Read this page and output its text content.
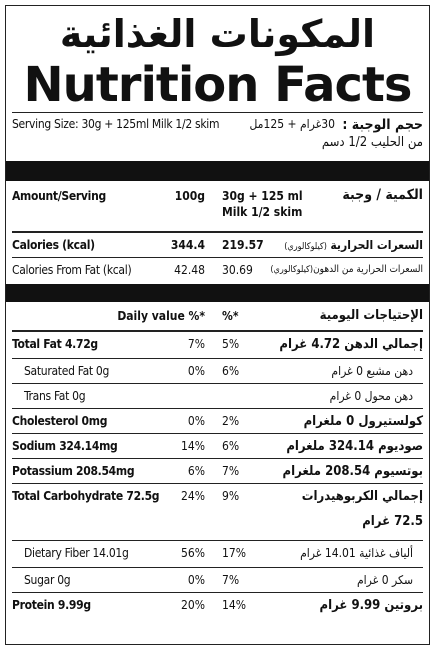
المكونات الغذائية
Nutrition Facts
Serving Size: 30g + 125ml Milk 1/2 skim	30غرام + 125مل حجم الوجبة :
من الحليب 1/2 دسم
Amount/Serving	100g 30g + 125 ml
Milk 1/2 skim
الكمية / وجبة
Calories (kcal)	344.4 219.57	السعرات الحرارية (كيلوكالوري)
Calories From Fat (kcal)	42.48 30.69	السعرات الحرارية من الدهون(كيلوكالوري)
Daily value %* %*	الإحتياجات اليومية
Total Fat 4.72g	7% 5%	إجمالي الدهن 4.72 غرام
Saturated Fat 0g	0% 6%	دهن مشبع 0 غرام
Trans Fat 0g	دهن محول 0 غرام
Cholesterol 0mg	0% 2%	كولستيرول 0 ملغرام
Sodium 324.14mg	14% 6%	صوديوم 324.14 ملغرام
Potassium 208.54mg	6% 7%	بوتسيوم 208.54 ملغرام
Total Carbohydrate 72.5g 24% 9%	إجمالي الكربوهيدرات
72.5 غرام
Dietary Fiber 14.01g	56% 17%	ألياف غذائية 14.01 غرام
Sugar 0g	0% 7%	سكر 0 غرام
Protein 9.99g	20% 14%	بروتين 9.99 غرام
